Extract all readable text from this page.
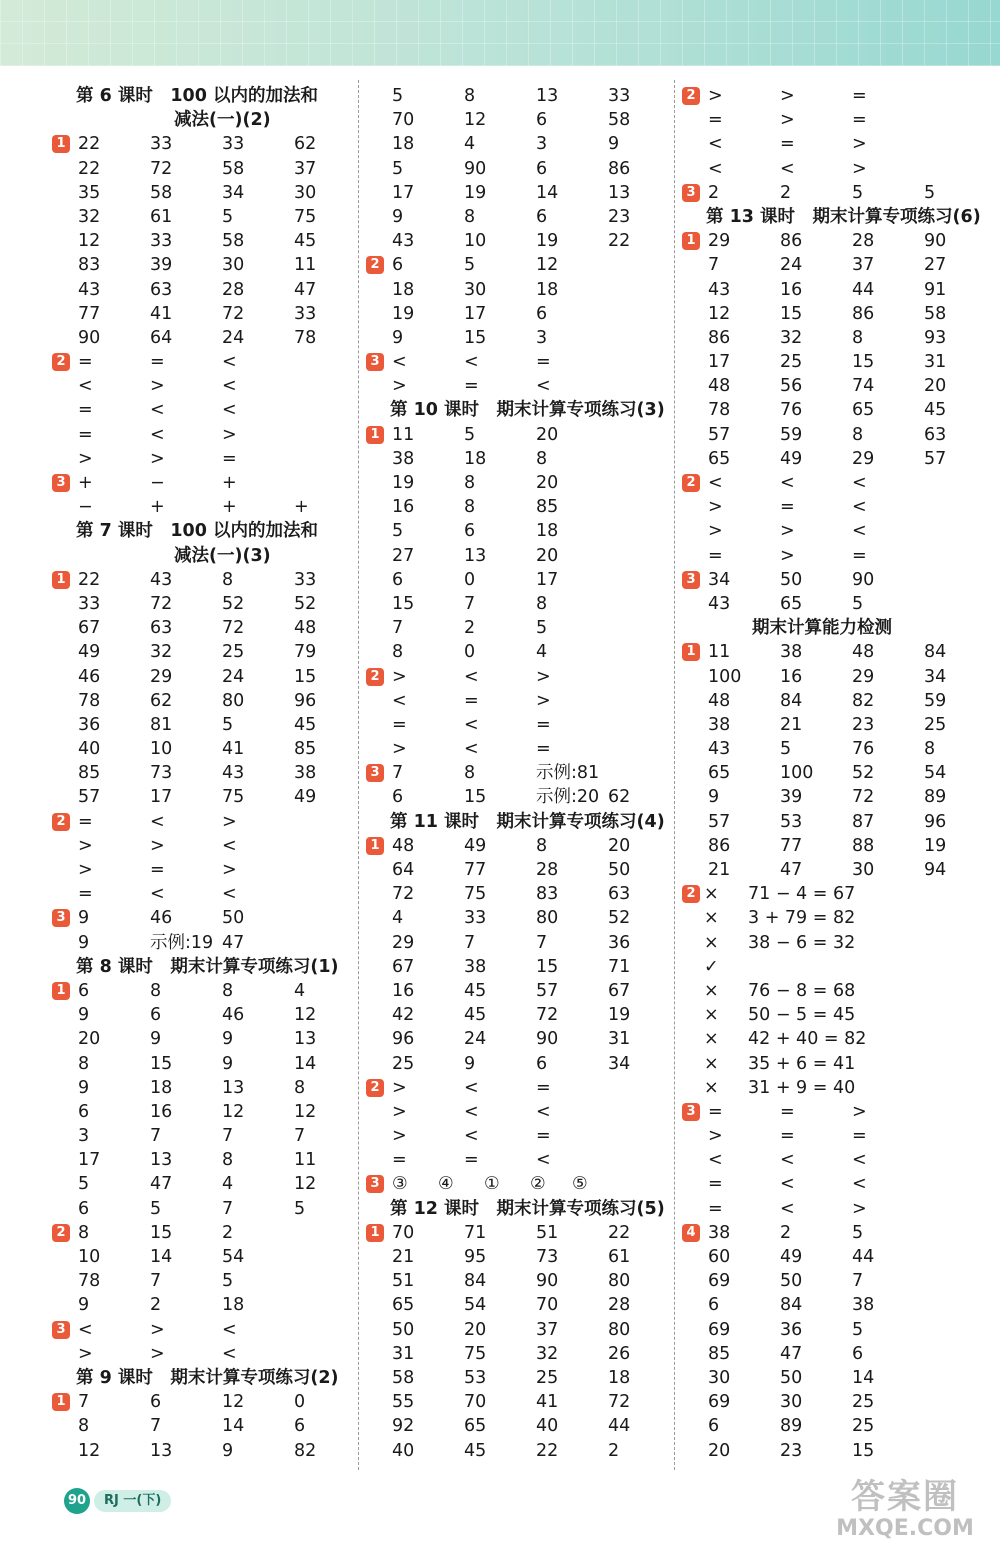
第 6 课时　100 以内的加法和
减法(一)(2)
1 22	33	33	62
22	72	58	37
35	58	34	30
32	61	5	75
12	33	58	45
83	39	30	11
43	63	28	47
77	41	72	33
90	64	24	78
2 =	=	<
<	>	<
=	<	<
=	<	>
>	>	=
3 +	−	+
−	+	+	+
第 7 课时　100 以内的加法和
减法(一)(3)
1 22	43	8	33
33	72	52	52
67	63	72	48
49	32	25	79
46	29	24	15
78	62	80	96
36	81	5	45
40	10	41	85
85	73	43	38
57	17	75	49
2 =	<	>
>	>	<
>	=	>
=	<	<
3 9	46	50
9	示例:19 47
第 8 课时　期末计算专项练习(1)
1 6	8	8	4
9	6	46	12
20	9	9	13
8	15	9	14
9	18	13	8
6	16	12	12
3	7	7	7
17	13	8	11
5	47	4	12
6	5	7	5
2 8	15	2
10	14	54
78	7	5
9	2	18
3 <	>	<
>	>	<
第 9 课时　期末计算专项练习(2)
1 7	6	12	0
8	7	14	6
12	13	9	82
5	8	13	33
70	12	6	58
18	4	3	9
5	90	6	86
17	19	14	13
9	8	6	23
43	10	19	22
2 6	5	12
18	30	18
19	17	6
9	15	3
3 <	<	=
>	=	<
第 10 课时　期末计算专项练习(3)
1 11	5	20
38	18	8
19	8	20
16	8	85
5	6	18
27	13	20
6	0	17
15	7	8
7	2	5
8	0	4
2 >	<	>
<	=	>
=	<	=
>	<	=
3 7	8	示例:81
6	15	示例:20 62
第 11 课时　期末计算专项练习(4)
1 48	49	8	20
64	77	28	50
72	75	83	63
4	33	80	52
29	7	7	36
67	38	15	71
16	45	57	67
42	45	72	19
96	24	90	31
25	9	6	34
2 >	<	=
>	<	<
>	<	=
=	=	<
3 ③ ④ ① ② ⑤
第 12 课时　期末计算专项练习(5)
1 70	71	51	22
21	95	73	61
51	84	90	80
65	54	70	28
50	20	37	80
31	75	32	26
58	53	25	18
55	70	41	72
92	65	40	44
40	45	22	2
2 >	>	=
=	>	=
<	=	>
<	<	>
3 2	2	5	5
第 13 课时　期末计算专项练习(6)
1 29	86	28	90
7	24	37	27
43	16	44	91
12	15	86	58
86	32	8	93
17	25	15	31
48	56	74	20
78	76	65	45
57	59	8	63
65	49	29	57
2 <	<	<
>	=	<
>	>	<
=	>	=
3 34	50	90
43	65	5
期末计算能力检测
1 11	38	48	84
100 16	29	34
48	84	82	59
38	21	23	25
43	5	76	8
65	100 52	54
9	39	72	89
57	53	87	96
86	77	88	19
21	47	30	94
2 × 71 − 4 = 67
× 3 + 79 = 82
× 38 − 6 = 32
✓
× 76 − 8 = 68
× 50 − 5 = 45
× 42 + 40 = 82
× 35 + 6 = 41
× 31 + 9 = 40
3 =	=	>
>	=	=
<	<	<
=	<	<
=	<	>
4 38	2	5
60	49	44
69	50	7
6	84	38
69	36	5
85	47	6
30	50	14
69	30	25
6	89	25
20	23	15
90	RJ 一(下)	答案圈
MXQE.COM
